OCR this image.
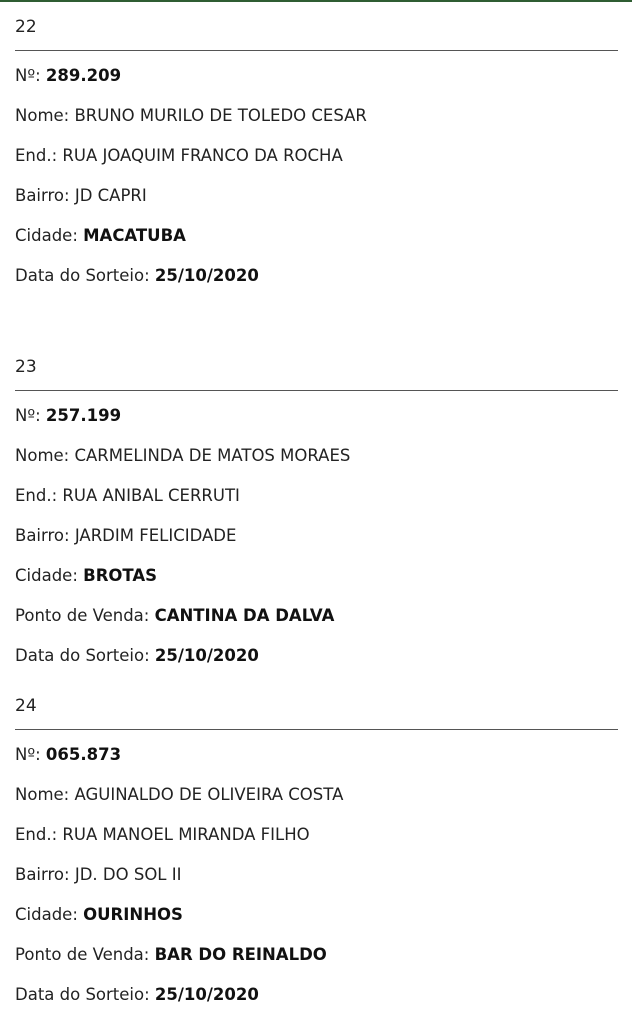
22
Nº: 289.209
Nome: BRUNO MURILO DE TOLEDO CESAR
End.: RUA JOAQUIM FRANCO DA ROCHA
Bairro: JD CAPRI
Cidade: MACATUBA
Data do Sorteio: 25/10/2020
23
Nº: 257.199
Nome: CARMELINDA DE MATOS MORAES
End.: RUA ANIBAL CERRUTI
Bairro: JARDIM FELICIDADE
Cidade: BROTAS
Ponto de Venda: CANTINA DA DALVA
Data do Sorteio: 25/10/2020
24
Nº: 065.873
Nome: AGUINALDO DE OLIVEIRA COSTA
End.: RUA MANOEL MIRANDA FILHO
Bairro: JD. DO SOL II
Cidade: OURINHOS
Ponto de Venda: BAR DO REINALDO
Data do Sorteio: 25/10/2020
